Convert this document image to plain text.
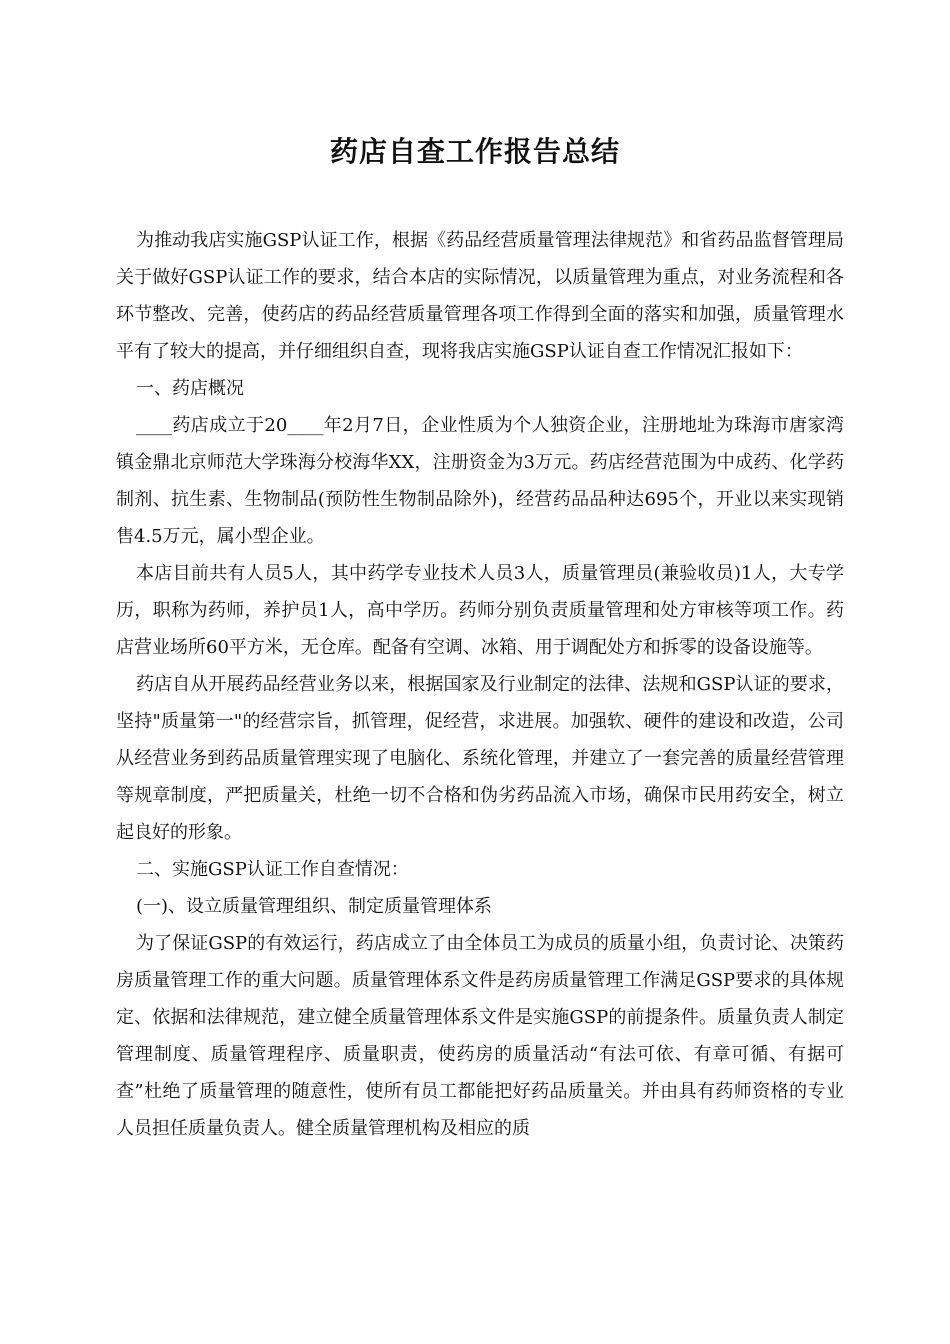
药店自查工作报告总结

为推动我店实施GSP认证工作，根据《药品经营质量管理法律规范》和省药品监督管理局关于做好GSP认证工作的要求，结合本店的实际情况，以质量管理为重点，对业务流程和各环节整改、完善，使药店的药品经营质量管理各项工作得到全面的落实和加强，质量管理水平有了较大的提高，并仔细组织自查，现将我店实施GSP认证自查工作情况汇报如下：

一、药店概况

____药店成立于20____年2月7日，企业性质为个人独资企业，注册地址为珠海市唐家湾镇金鼎北京师范大学珠海分校海华XX，注册资金为3万元。药店经营范围为中成药、化学药制剂、抗生素、生物制品(预防性生物制品除外)，经营药品品种达695个，开业以来实现销售4.5万元，属小型企业。

本店目前共有人员5人，其中药学专业技术人员3人，质量管理员(兼验收员)1人，大专学历，职称为药师，养护员1人，高中学历。药师分别负责质量管理和处方审核等项工作。药店营业场所60平方米，无仓库。配备有空调、冰箱、用于调配处方和拆零的设备设施等。

药店自从开展药品经营业务以来，根据国家及行业制定的法律、法规和GSP认证的要求，坚持"质量第一"的经营宗旨，抓管理，促经营，求进展。加强软、硬件的建设和改造，公司从经营业务到药品质量管理实现了电脑化、系统化管理，并建立了一套完善的质量经营管理等规章制度，严把质量关，杜绝一切不合格和伪劣药品流入市场，确保市民用药安全，树立起良好的形象。

二、实施GSP认证工作自查情况：

(一)、设立质量管理组织、制定质量管理体系

为了保证GSP的有效运行，药店成立了由全体员工为成员的质量小组，负责讨论、决策药房质量管理工作的重大问题。质量管理体系文件是药房质量管理工作满足GSP要求的具体规定、依据和法律规范，建立健全质量管理体系文件是实施GSP的前提条件。质量负责人制定管理制度、质量管理程序、质量职责，使药房的质量活动“有法可依、有章可循、有据可查”杜绝了质量管理的随意性，使所有员工都能把好药品质量关。并由具有药师资格的专业人员担任质量负责人。健全质量管理机构及相应的质
